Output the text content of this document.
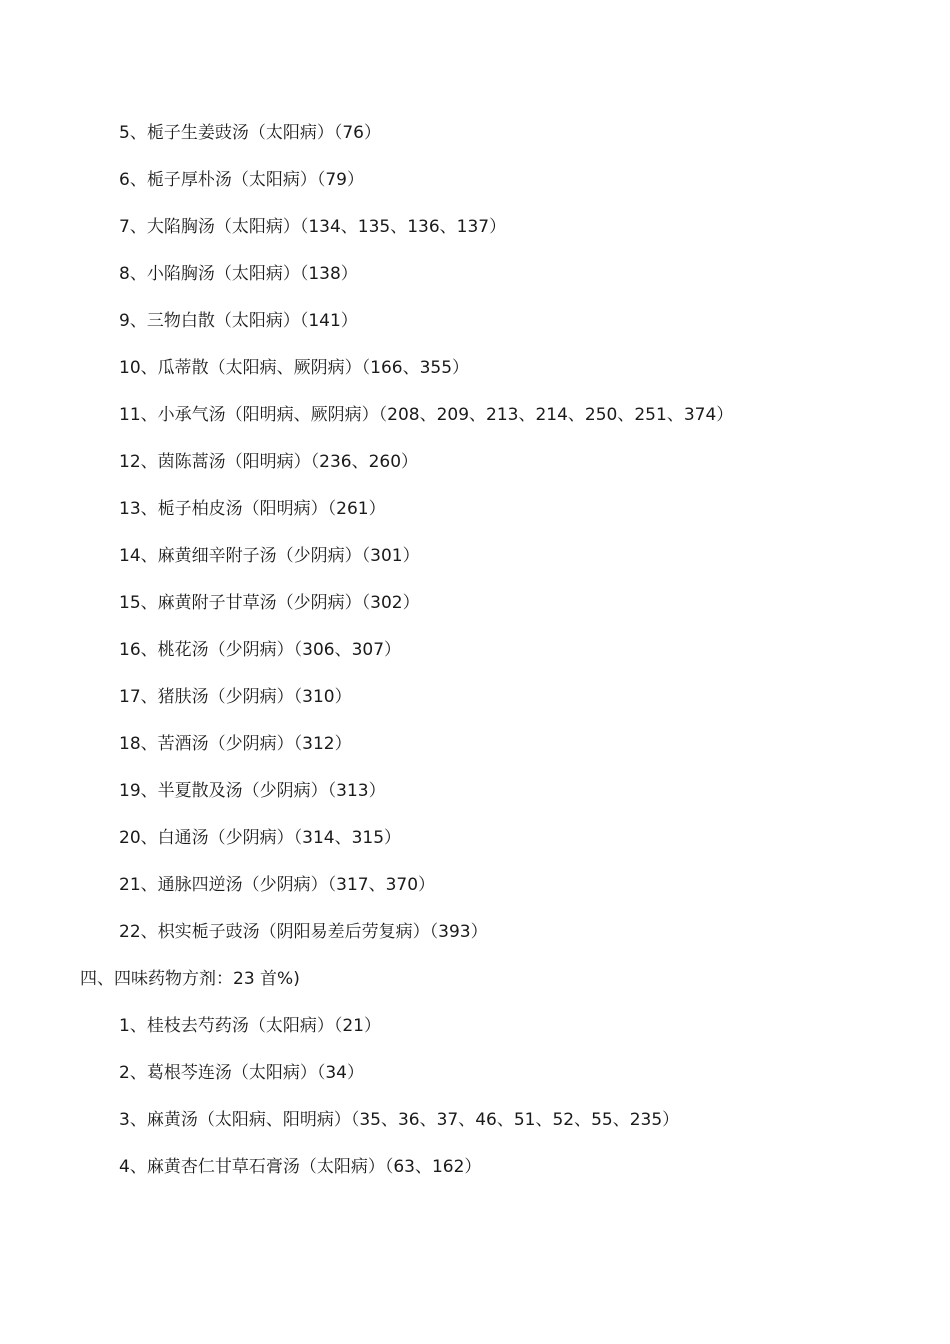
5、栀子生姜豉汤（太阳病）（76）
6、栀子厚朴汤（太阳病）（79）
7、大陷胸汤（太阳病）（134、135、136、137）
8、小陷胸汤（太阳病）（138）
9、三物白散（太阳病）（141）
10、瓜蒂散（太阳病、厥阴病）（166、355）
11、小承气汤（阳明病、厥阴病）（208、209、213、214、250、251、374）
12、茵陈蒿汤（阳明病）（236、260）
13、栀子柏皮汤（阳明病）（261）
14、麻黄细辛附子汤（少阴病）（301）
15、麻黄附子甘草汤（少阴病）（302）
16、桃花汤（少阴病）（306、307）
17、猪肤汤（少阴病）（310）
18、苦酒汤（少阴病）（312）
19、半夏散及汤（少阴病）（313）
20、白通汤（少阴病）（314、315）
21、通脉四逆汤（少阴病）（317、370）
22、枳实栀子豉汤（阴阳易差后劳复病）（393）
四、四味药物方剂：23 首%)
1、桂枝去芍药汤（太阳病）（21）
2、葛根芩连汤（太阳病）（34）
3、麻黄汤（太阳病、阳明病）（35、36、37、46、51、52、55、235）
4、麻黄杏仁甘草石膏汤（太阳病）（63、162）
